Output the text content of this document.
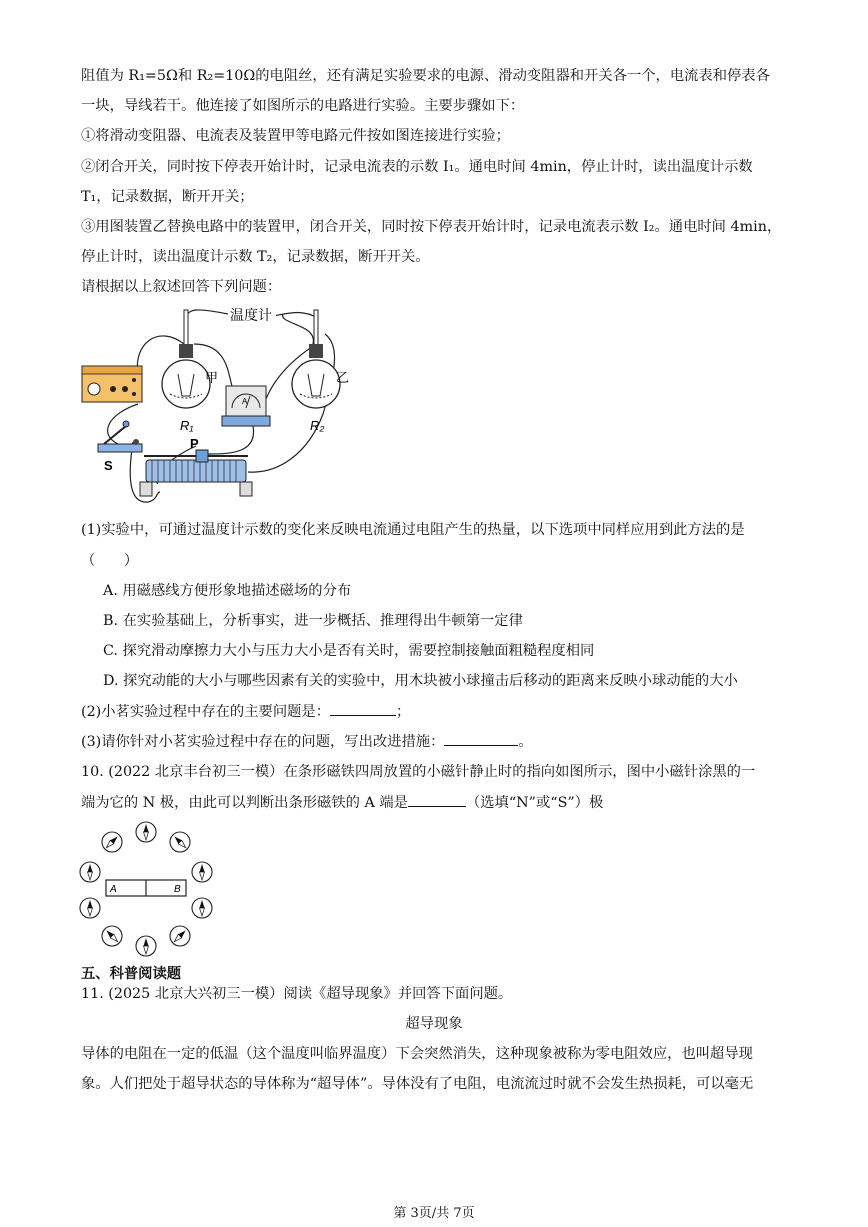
阻值为 R₁=5Ω和 R₂=10Ω的电阻丝，还有满足实验要求的电源、滑动变阻器和开关各一个，电流表和停表各
一块，导线若干。他连接了如图所示的电路进行实验。主要步骤如下：
①将滑动变阻器、电流表及装置甲等电路元件按如图连接进行实验；
②闭合开关，同时按下停表开始计时，记录电流表的示数 I₁。通电时间 4min，停止计时，读出温度计示数
T₁，记录数据，断开开关；
③用图装置乙替换电路中的装置甲，闭合开关，同时按下停表开始计时，记录电流表示数 I₂。通电时间 4min，
停止计时，读出温度计示数 T₂，记录数据，断开开关。
请根据以上叙述回答下列问题：
温度计
甲	乙
R₁	R₂
S
P
A
(1)实验中，可通过温度计示数的变化来反映电流通过电阻产生的热量，以下选项中同样应用到此方法的是
（　　）
A. 用磁感线方便形象地描述磁场的分布
B. 在实验基础上，分析事实，进一步概括、推理得出牛顿第一定律
C. 探究滑动摩擦力大小与压力大小是否有关时，需要控制接触面粗糙程度相同
D. 探究动能的大小与哪些因素有关的实验中，用木块被小球撞击后移动的距离来反映小球动能的大小
(2)小茗实验过程中存在的主要问题是：	；
(3)请你针对小茗实验过程中存在的问题，写出改进措施：	。
10. (2022 北京丰台初三一模）在条形磁铁四周放置的小磁针静止时的指向如图所示，图中小磁针涂黑的一
端为它的 N 极，由此可以判断出条形磁铁的 A 端是	（选填“N”或“S”）极
A	B
五、科普阅读题
11. (2025 北京大兴初三一模）阅读《超导现象》并回答下面问题。
超导现象
导体的电阻在一定的低温（这个温度叫临界温度）下会突然消失，这种现象被称为零电阻效应，也叫超导现
象。人们把处于超导状态的导体称为“超导体”。导体没有了电阻，电流流过时就不会发生热损耗，可以毫无
第 3页/共 7页
